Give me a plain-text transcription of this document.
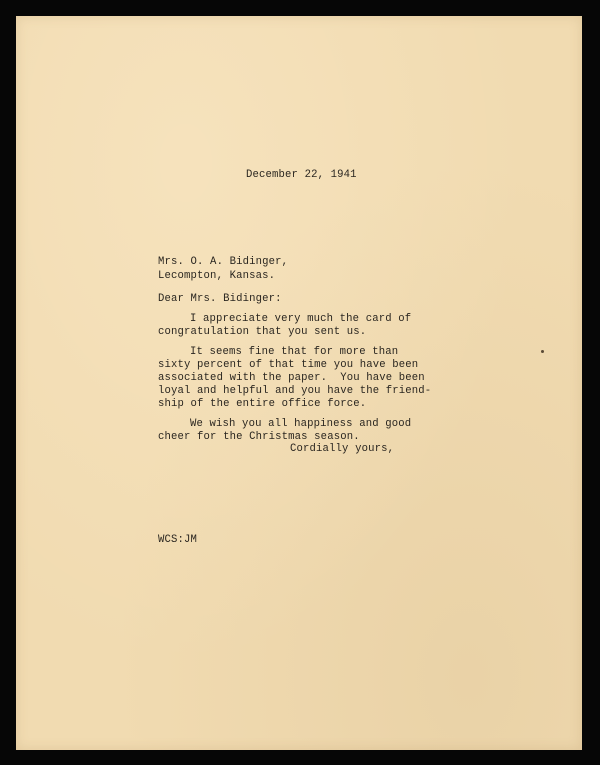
December 22, 1941

Mrs. O. A. Bidinger,

Lecompton, Kansas.

Dear Mrs. Bidinger:

I appreciate very much the card of

congratulation that you sent us.

It seems fine that for more than

sixty percent of that time you have been

associated with the paper.  You have been

loyal and helpful and you have the friend-

ship of the entire office force.

We wish you all happiness and good

cheer for the Christmas season.

Cordially yours,

WCS:JM
